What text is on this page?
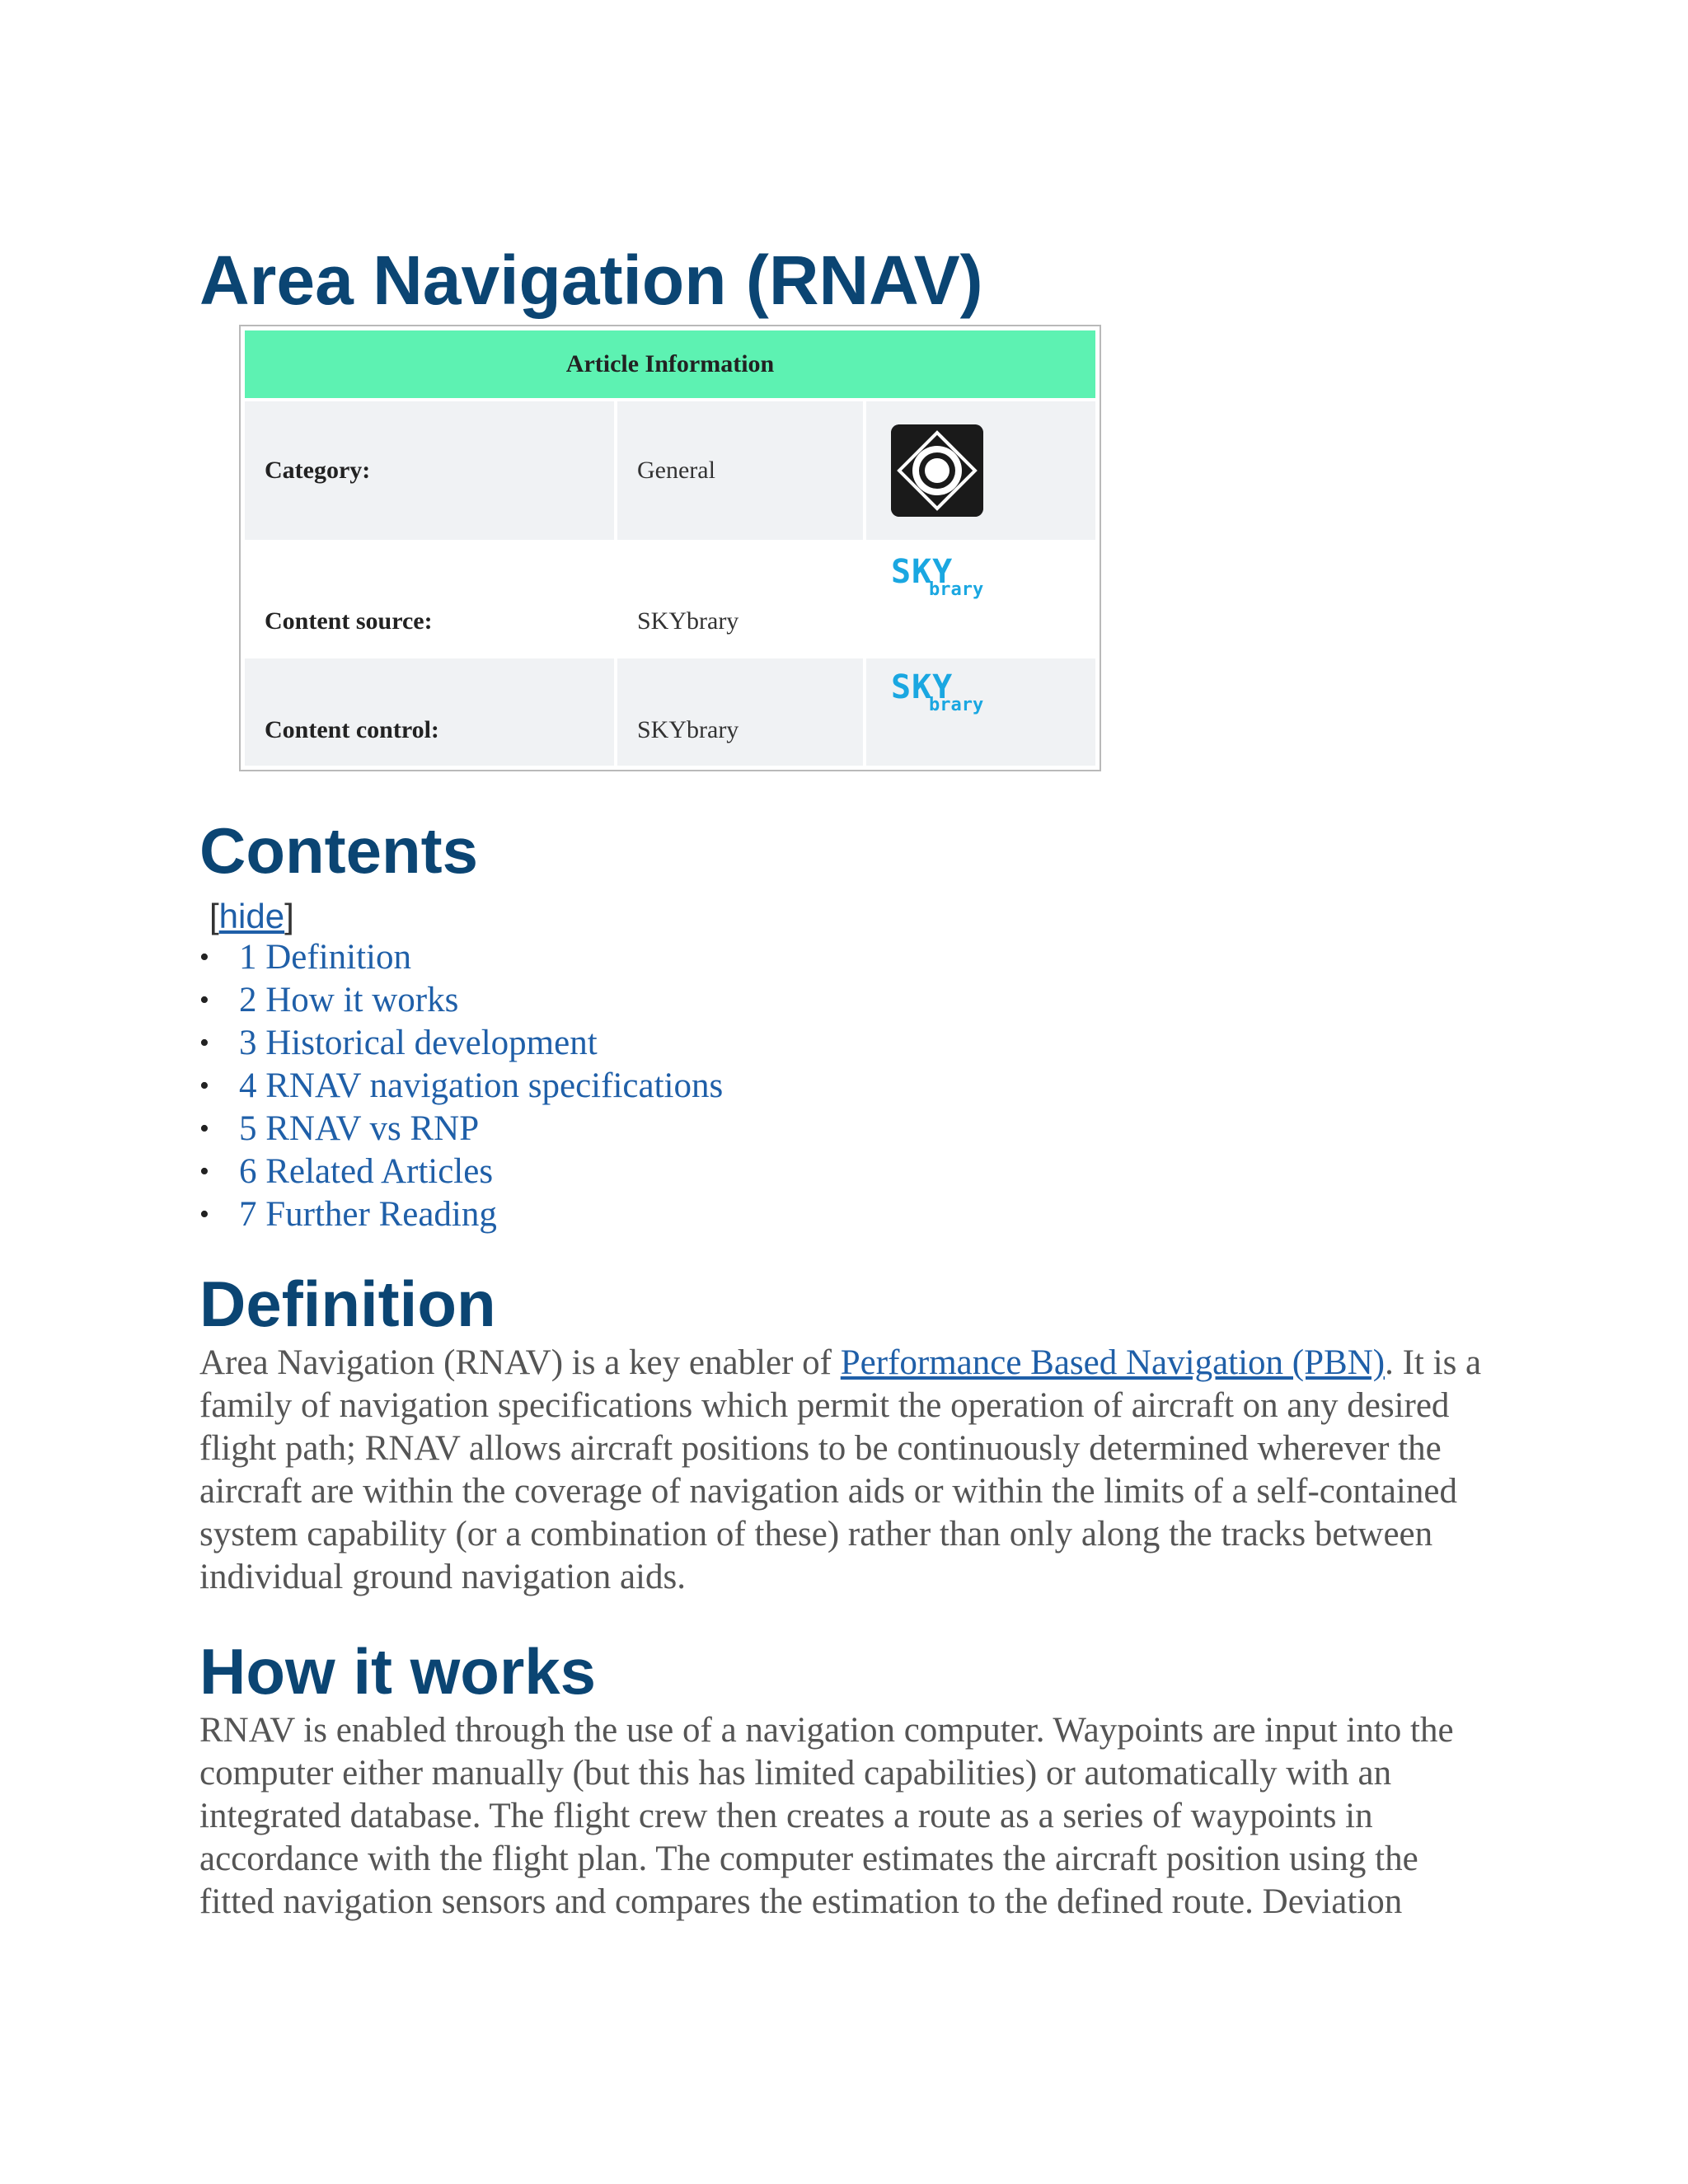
Area Navigation (RNAV)
Article Information		
Category:	General	

Content source:	SKYbrary	SKY
brary

Content control:	SKYbrary	SKY
brary
Contents
[hide]
• 1 Definition
• 2 How it works
• 3 Historical development
• 4 RNAV navigation specifications
• 5 RNAV vs RNP
• 6 Related Articles
• 7 Further Reading
Definition

Area Navigation (RNAV) is a key enabler of Performance Based Navigation (PBN). It is a family of navigation specifications which permit the operation of aircraft on any desired flight path; RNAV allows aircraft positions to be continuously determined wherever the aircraft are within the coverage of navigation aids or within the limits of a self-contained system capability (or a combination of these) rather than only along the tracks between individual ground navigation aids.

How it works

RNAV is enabled through the use of a navigation computer. Waypoints are input into the computer either manually (but this has limited capabilities) or automatically with an integrated database. The flight crew then creates a route as a series of waypoints in accordance with the flight plan. The computer estimates the aircraft position using the fitted navigation sensors and compares the estimation to the defined route. Deviation
